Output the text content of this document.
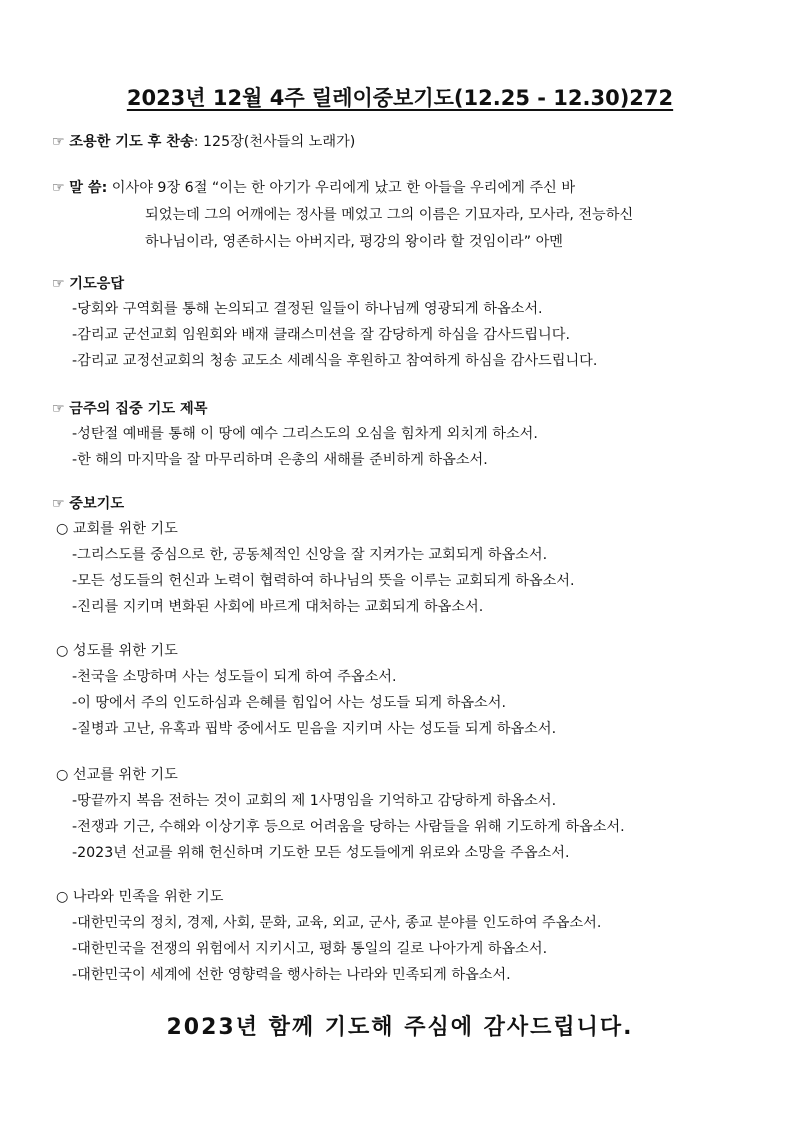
2023년 12월 4주 릴레이중보기도(12.25 - 12.30)272
☞ 조용한 기도 후 찬송: 125장(천사들의 노래가)
☞ 말 씀: 이사야 9장 6절 “이는 한 아기가 우리에게 났고 한 아들을 우리에게 주신 바
되었는데 그의 어깨에는 정사를 메었고 그의 이름은 기묘자라, 모사라, 전능하신
하나님이라, 영존하시는 아버지라, 평강의 왕이라 할 것임이라” 아멘
☞ 기도응답
-당회와 구역회를 통해 논의되고 결정된 일들이 하나님께 영광되게 하옵소서.
-감리교 군선교회 임원회와 배재 클래스미션을 잘 감당하게 하심을 감사드립니다.
-감리교 교정선교회의 청송 교도소 세례식을 후원하고 참여하게 하심을 감사드립니다.
☞ 금주의 집중 기도 제목
-성탄절 예배를 통해 이 땅에 예수 그리스도의 오심을 힘차게 외치게 하소서.
-한 해의 마지막을 잘 마무리하며 은총의 새해를 준비하게 하옵소서.
☞ 중보기도
○ 교회를 위한 기도
-그리스도를 중심으로 한, 공동체적인 신앙을 잘 지켜가는 교회되게 하옵소서.
-모든 성도들의 헌신과 노력이 협력하여 하나님의 뜻을 이루는 교회되게 하옵소서.
-진리를 지키며 변화된 사회에 바르게 대처하는 교회되게 하옵소서.
○ 성도를 위한 기도
-천국을 소망하며 사는 성도들이 되게 하여 주옵소서.
-이 땅에서 주의 인도하심과 은혜를 힘입어 사는 성도들 되게 하옵소서.
-질병과 고난, 유혹과 핍박 중에서도 믿음을 지키며 사는 성도들 되게 하옵소서.
○ 선교를 위한 기도
-땅끝까지 복음 전하는 것이 교회의 제 1사명임을 기억하고 감당하게 하옵소서.
-전쟁과 기근, 수해와 이상기후 등으로 어려움을 당하는 사람들을 위해 기도하게 하옵소서.
-2023년 선교를 위해 헌신하며 기도한 모든 성도들에게 위로와 소망을 주옵소서.
○ 나라와 민족을 위한 기도
-대한민국의 정치, 경제, 사회, 문화, 교육, 외교, 군사, 종교 분야를 인도하여 주옵소서.
-대한민국을 전쟁의 위험에서 지키시고, 평화 통일의 길로 나아가게 하옵소서.
-대한민국이 세계에 선한 영향력을 행사하는 나라와 민족되게 하옵소서.
2023년 함께 기도해 주심에 감사드립니다.
